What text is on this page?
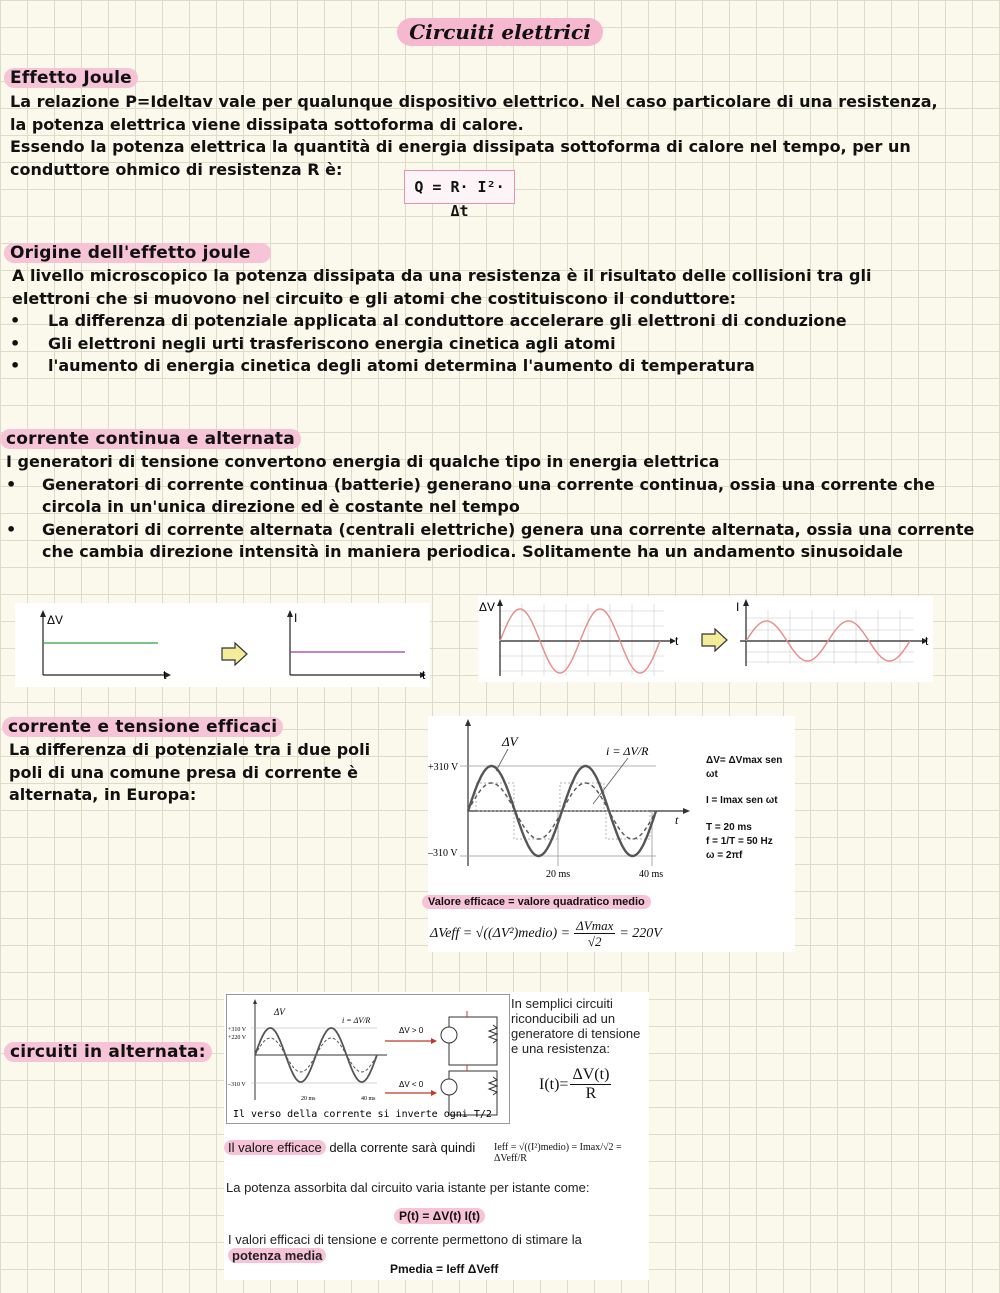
Circuiti elettrici
Effetto Joule

La relazione P=Ideltav vale per qualunque dispositivo elettrico. Nel caso particolare di una resistenza,

la potenza elettrica viene dissipata sottoforma di calore.

Essendo la potenza elettrica la quantità di energia dissipata sottoforma di calore nel tempo, per un

conduttore ohmico di resistenza R è:

Q = R· I²· Δt
Origine dell'effetto joule

A livello microscopico la potenza dissipata da una resistenza è il risultato delle collisioni tra gli

elettroni che si muovono nel circuito e gli atomi che costituiscono il conduttore:

• La differenza di potenziale applicata al conduttore accelerare gli elettroni di conduzione
• Gli elettroni negli urti trasferiscono energia cinetica agli atomi
• l'aumento di energia cinetica degli atomi determina l'aumento di temperatura
corrente continua e alternata

I generatori di tensione convertono energia di qualche tipo in energia elettrica

• Generatori di corrente continua (batterie) generano una corrente continua, ossia una corrente che circola in un'unica direzione ed è costante nel tempo
• Generatori di corrente alternata (centrali elettriche) genera una corrente alternata, ossia una corrente che cambia direzione intensità in maniera periodica. Solitamente ha un andamento sinusoidale
ΔV
t
I
t
ΔV
t
I
t
corrente e tensione efficaci
La differenza di potenziale tra i due poli poli di una comune presa di corrente è alternata, in Europa:
ΔV
i = ΔV/R
+310 V
–310 V
20 ms	40 ms
t
ΔV= ΔVmax sen ωt
I = Imax sen ωt
T = 20 ms
f = 1/T = 50 Hz
ω = 2πf
Valore efficace = valore quadratico medio
ΔVeff = √((ΔV²)medio) = ΔVmax
√2
= 220V
circuiti in alternata:
ΔV
i = ΔV/R
+310 V
+220 V
–310 V
20 ms	40 ms
ΔV > 0
ΔV < 0
Il verso della corrente si inverte ogni T/2
In semplici circuiti riconducibili ad un generatore di tensione e una resistenza:
$I(t)= \frac{\Delta V(t)}{R}$
Il valore efficace della corrente sarà quindi Ieff = √((I²)medio) = Imax/√2 = ΔVeff/R
La potenza assorbita dal circuito varia istante per istante come:
P(t) = ΔV(t) I(t)
I valori efficaci di tensione e corrente permettono di stimare la
potenza media
Pmedia = Ieff ΔVeff
